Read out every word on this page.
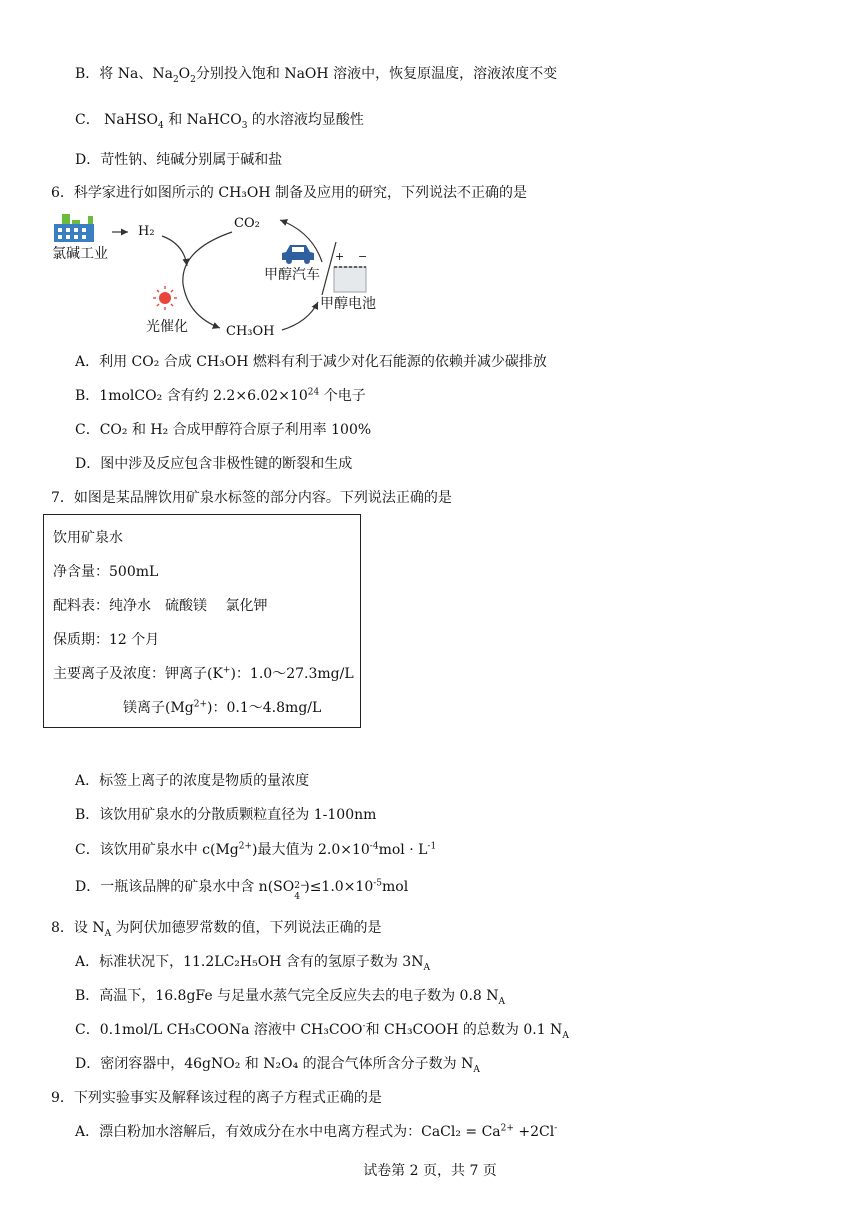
B．将 Na、$Na_2O_2$分别投入饱和 NaOH 溶液中，恢复原温度，溶液浓度不变
C． NaHSO$_4$ 和 NaHCO$_3$ 的水溶液均显酸性
D．苛性钠、纯碱分别属于碱和盐
6．科学家进行如图所示的 CH₃OH 制备及应用的研究，下列说法不正确的是
氯碱工业
H₂
CO₂
CH₃OH
光催化
甲醇汽车
甲醇电池
+ −
A．利用 CO₂ 合成 CH₃OH 燃料有利于减少对化石能源的依赖并减少碳排放
B．1molCO₂ 含有约 $2.2\times 6.02\times 10^{24}$ 个电子
C．CO₂ 和 H₂ 合成甲醇符合原子利用率 100%
D．图中涉及反应包含非极性键的断裂和生成
7．如图是某品牌饮用矿泉水标签的部分内容。下列说法正确的是
饮用矿泉水
净含量：500mL
配料表：纯净水　硫酸镁　 氯化钾
保质期：12 个月
主要离子及浓度：钾离子(K+)：1.0～27.3mg/L
镁离子$(Mg^{2+})$：0.1～4.8mg/L
A．标签上离子的浓度是物质的量浓度
B．该饮用矿泉水的分散质颗粒直径为 1-100nm
C．该饮用矿泉水中 $c(Mg^{2+})$最大值为 $2.0\times 10^{-4}mol \cdot L^{-1}$
D．一瓶该品牌的矿泉水中含 n(SO 2−
4
)$\le 1.0\times 10^{-5}mol$
8．设 $N_A$ 为阿伏加德罗常数的值，下列说法正确的是
A．标准状况下，11.2LC₂H₅OH 含有的氢原子数为 $3N_A$
B．高温下，16.8gFe 与足量水蒸气完全反应失去的电子数为 0.8 $N_A$
C．0.1mol/L CH₃COONa 溶液中 CH₃COO-和 CH₃COOH 的总数为 0.1 $N_A$
D．密闭容器中，46gNO₂ 和 N₂O₄ 的混合气体所含分子数为 $N_A$
9．下列实验事实及解释该过程的离子方程式正确的是
A．漂白粉加水溶解后，有效成分在水中电离方程式为：CaCl₂ = $Ca^{2+} +2Cl^-$
试卷第 2 页，共 7 页
